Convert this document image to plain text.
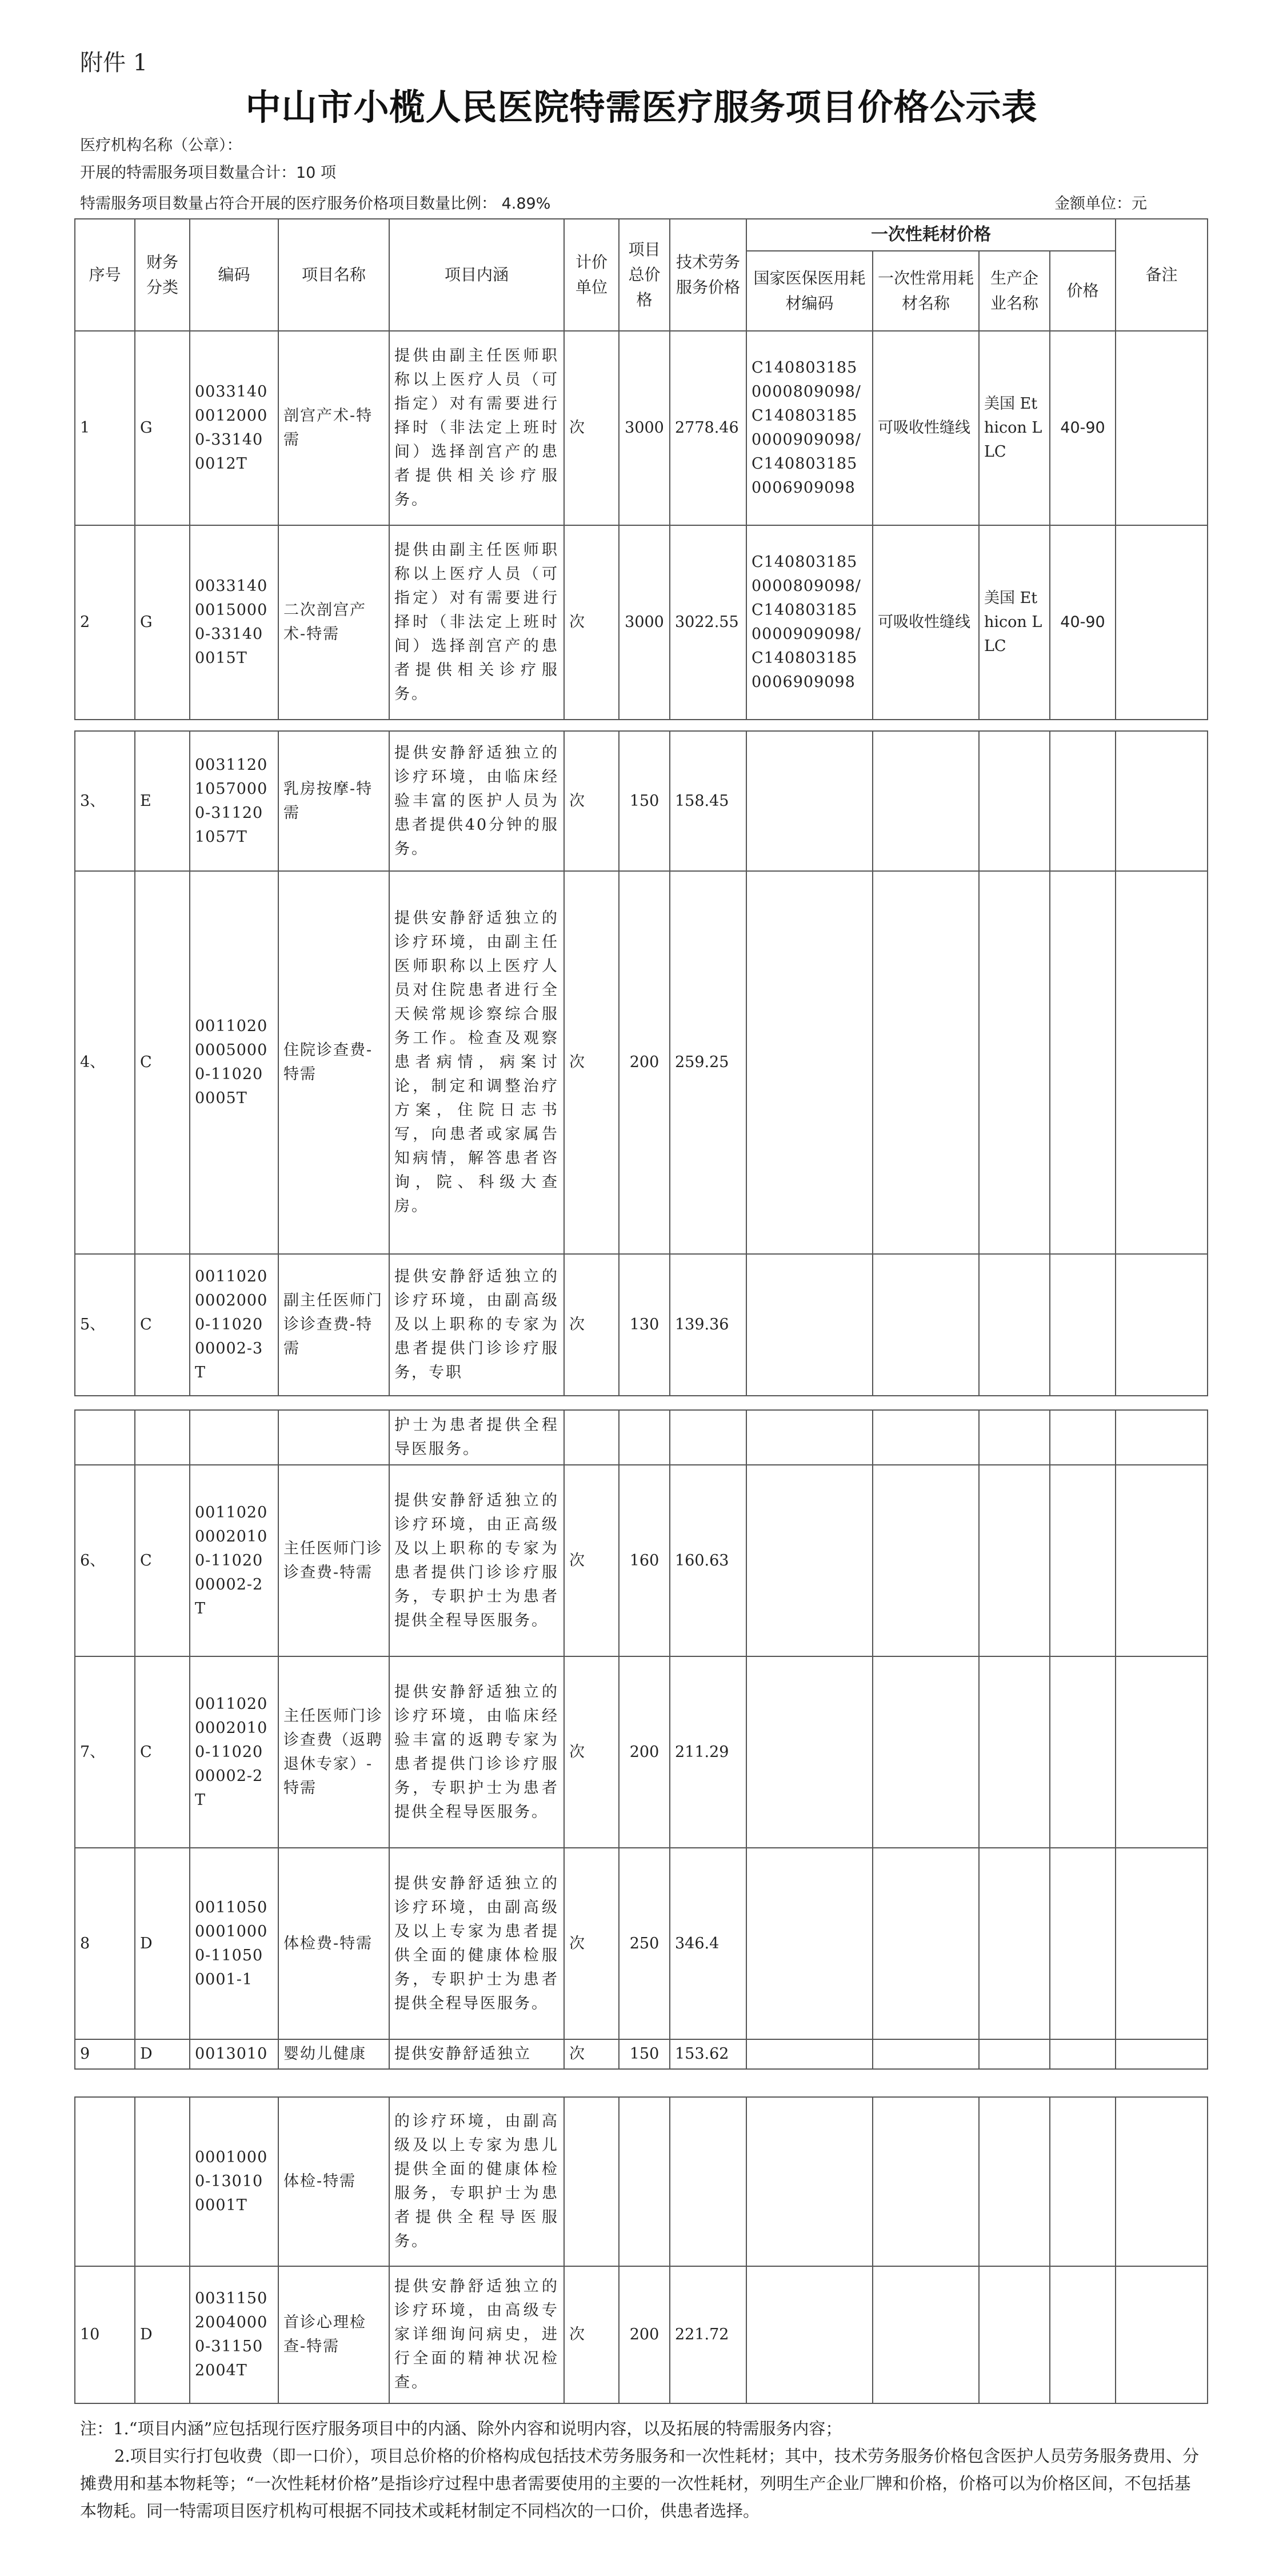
附件 1
中山市小榄人民医院特需医疗服务项目价格公示表
医疗机构名称（公章）：
开展的特需服务项目数量合计：10 项
特需服务项目数量占符合开展的医疗服务价格项目数量比例： 4.89%	金额单位：元
序号	财务分类	编码	项目名称	项目内涵	计价单位	项目总价格	技术劳务服务价格	一次性耗材价格				备注
								国家医保医用耗材编码	一次性常用耗材名称	生产企业名称	价格	
1	G	00331400012000 0-331400012T	剖宫产术-特需	提供由副主任医师职称以上医疗人员（可指定）对有需要进行择时（非法定上班时间）选择剖宫产的患者提供相关诊疗服务。	次	3000	2778.46	C1408031850000809098/C1408031850000909098/C1408031850006909098	可吸收性缝线	美国 Ethicon LLC	40-90	
2	G	00331400015000 0-331400015T	二次剖宫产术-特需	提供由副主任医师职称以上医疗人员（可指定）对有需要进行择时（非法定上班时间）选择剖宫产的患者提供相关诊疗服务。	次	3000	3022.55	C1408031850000809098/C1408031850000909098/C1408031850006909098	可吸收性缝线	美国 Ethicon LLC	40-90	
3、	E	00311201057000 0-311201057T	乳房按摩-特需	提供安静舒适独立的诊疗环境，由临床经验丰富的医护人员为患者提供40分钟的服务。	次	150	158.45					
4、	C	00110200005000 0-110200005T	住院诊查费-特需	提供安静舒适独立的诊疗环境，由副主任医师职称以上医疗人员对住院患者进行全天候常规诊察综合服务工作。检查及观察患者病情，病案讨论，制定和调整治疗方案，住院日志书写，向患者或家属告知病情，解答患者咨询，院、科级大查房。	次	200	259.25					
5、	C	00110200002000 0-1102000002-3T	副主任医师门诊诊查费-特需	提供安静舒适独立的诊疗环境，由副高级及以上职称的专家为患者提供门诊诊疗服务，专职	次	130	139.36					
				护士为患者提供全程导医服务。								
6、	C	00110200002010 0-1102000002-2T	主任医师门诊诊查费-特需	提供安静舒适独立的诊疗环境，由正高级及以上职称的专家为患者提供门诊诊疗服务，专职护士为患者提供全程导医服务。	次	160	160.63					
7、	C	00110200002010 0-1102000002-2T	主任医师门诊诊查费（返聘退休专家）-特需	提供安静舒适独立的诊疗环境，由临床经验丰富的返聘专家为患者提供门诊诊疗服务，专职护士为患者提供全程导医服务。	次	200	211.29					
8	D	00110500001000 0-110500001-1	体检费-特需	提供安静舒适独立的诊疗环境，由副高级及以上专家为患者提供全面的健康体检服务，专职护士为患者提供全程导医服务。	次	250	346.4					
9	D	0013010	婴幼儿健康	提供安静舒适独立	次	150	153.62					
		00010000-130100001T	体检-特需	的诊疗环境，由副高级及以上专家为患儿提供全面的健康体检服务，专职护士为患者提供全程导医服务。								
10	D	00311502004000 0-311502004T	首诊心理检查-特需	提供安静舒适独立的诊疗环境，由高级专家详细询问病史，进行全面的精神状况检查。	次	200	221.72					

注：1.“项目内涵”应包括现行医疗服务项目中的内涵、除外内容和说明内容，以及拓展的特需服务内容；

2.项目实行打包收费（即一口价），项目总价格的价格构成包括技术劳务服务和一次性耗材；其中，技术劳务服务价格包含医护人员劳务服务费用、分摊费用和基本物耗等；“一次性耗材价格”是指诊疗过程中患者需要使用的主要的一次性耗材，列明生产企业厂牌和价格，价格可以为价格区间，不包括基本物耗。同一特需项目医疗机构可根据不同技术或耗材制定不同档次的一口价，供患者选择。
